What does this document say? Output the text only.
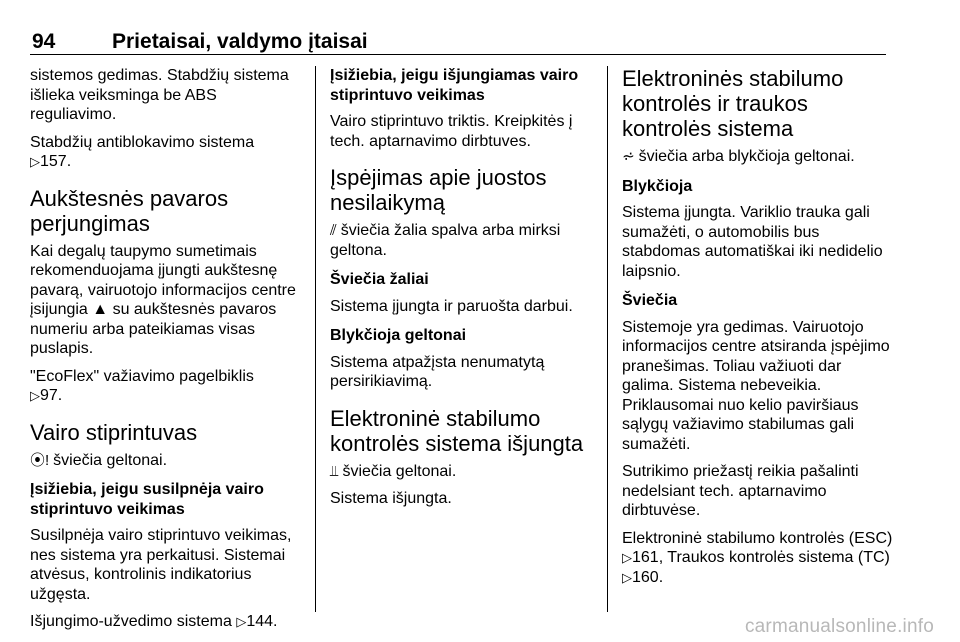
94	Prietaisai, valdymo įtaisai

sistemos gedimas. Stabdžių sistema išlieka veiksminga be ABS reguliavimo.

Stabdžių antiblokavimo sistema
▷ 157.

Aukštesnės pavaros perjungimas

Kai degalų taupymo sumetimais rekomenduojama įjungti aukštesnę pavarą, vairuotojo informacijos centre įsijungia ▲ su aukštesnės pavaros numeriu arba pateikiamas visas puslapis.

"EcoFlex" važiavimo pagelbiklis
▷ 97.

Vairo stiprintuvas

⦿! šviečia geltonai.

Įsižiebia, jeigu susilpnėja vairo stiprintuvo veikimas

Susilpnėja vairo stiprintuvo veikimas, nes sistema yra perkaitusi. Sistemai atvėsus, kontrolinis indikatorius užgęsta.

Išjungimo-užvedimo sistema ▷ 144.

Įsižiebia, jeigu išjungiamas vairo stiprintuvo veikimas

Vairo stiprintuvo triktis. Kreipkitės į tech. aptarnavimo dirbtuves.

Įspėjimas apie juostos nesilaikymą

⫽ šviečia žalia spalva arba mirksi geltona.

Šviečia žaliai

Sistema įjungta ir paruošta darbui.

Blykčioja geltonai

Sistema atpažįsta nenumatytą persirikiavimą.

Elektroninė stabilumo kontrolės sistema išjungta

⫫ šviečia geltonai.

Sistema išjungta.

Elektroninės stabilumo kontrolės ir traukos kontrolės sistema

⩫ šviečia arba blykčioja geltonai.

Blykčioja

Sistema įjungta. Variklio trauka gali sumažėti, o automobilis bus stabdomas automatiškai iki nedidelio laipsnio.

Šviečia

Sistemoje yra gedimas. Vairuotojo informacijos centre atsiranda įspėjimo pranešimas. Toliau važiuoti dar galima. Sistema nebeveikia. Priklausomai nuo kelio paviršiaus sąlygų važiavimo stabilumas gali sumažėti.

Sutrikimo priežastį reikia pašalinti nedelsiant tech. aptarnavimo dirbtuvėse.

Elektroninė stabilumo kontrolės (ESC) ▷ 161, Traukos kontrolės sistema (TC) ▷ 160.

carmanualsonline.info
